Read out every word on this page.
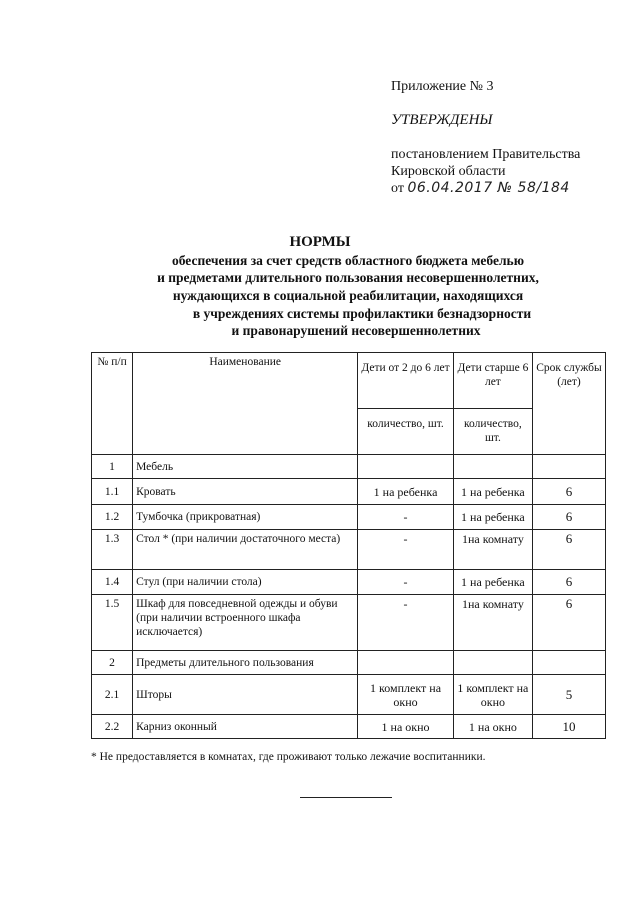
Приложение № 3
УТВЕРЖДЕНЫ
постановлением Правительства
Кировской области
от 06.04.2017 № 58/184
НОРМЫ
обеспечения за счет средств областного бюджета мебелью
и предметами длительного пользования несовершеннолетних,
нуждающихся в социальной реабилитации, находящихся
в учреждениях системы профилактики безнадзорности
и правонарушений несовершеннолетних
№ п/п	Наименование	Дети от 2 до 6 лет	Дети старше 6 лет	Срок службы (лет)
		количество, шт.	количество, шт.	
1	Мебель			
1.1	Кровать	1 на ребенка	1 на ребенка	6
1.2	Тумбочка (прикроватная)	-	1 на ребенка	6
1.3	Стол * (при наличии достаточного места)	-	1на комнату	6
1.4	Стул (при наличии стола)	-	1 на ребенка	6
1.5	Шкаф для повседневной одежды и обуви (при наличии встроенного шкафа исключается)	-	1на комнату	6
2	Предметы длительного пользования			
2.1	Шторы	1 комплект на окно	1 комплект на окно	5
2.2	Карниз оконный	1 на окно	1 на окно	10
* Не предоставляется в комнатах, где проживают только лежачие воспитанники.
